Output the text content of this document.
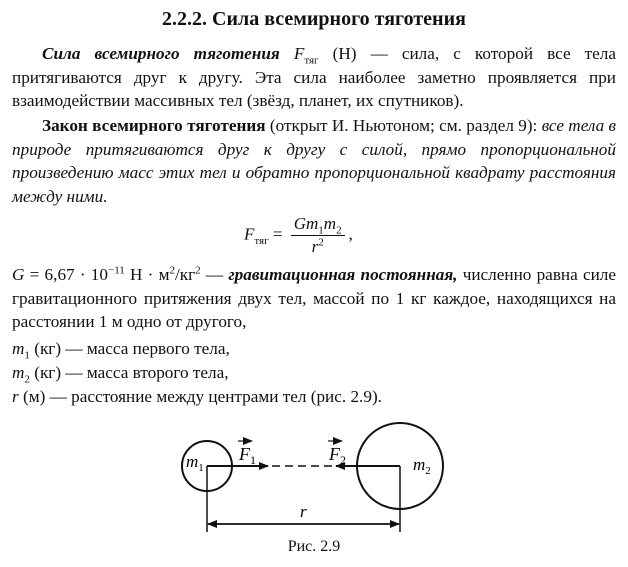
2.2.2. Сила всемирного тяготения
Сила всемирного тяготения $F_{тяг}$ (Н) — сила, с которой все тела притягиваются друг к другу. Эта сила наиболее заметно проявляется при взаимодействии массивных тел (звёзд, планет, их спутников).
Закон всемирного тяготения (открыт И. Ньютоном; см. раздел 9): все тела в природе притягиваются друг к другу с силой, прямо пропорциональной произведению масс этих тел и обратно пропорциональной квадрату расстояния между ними.
$F_{тяг} = \frac{Gm_1m_2}{r^2}$ ,
$G = 6,67 \cdot 10^{-11}$ $Н \cdot м^2/кг^2$ — гравитационная постоянная, численно равна силе гравитационного притяжения двух тел, массой по 1 кг каждое, находящихся на расстоянии 1 м одно от другого,
$m_1$ (кг) — масса первого тела,
$m_2$ (кг) — масса второго тела,
r (м) — расстояние между центрами тел (рис. 2.9).
$m_1$	$m_2$
$F_1$	$F_2$
r
Рис. 2.9
